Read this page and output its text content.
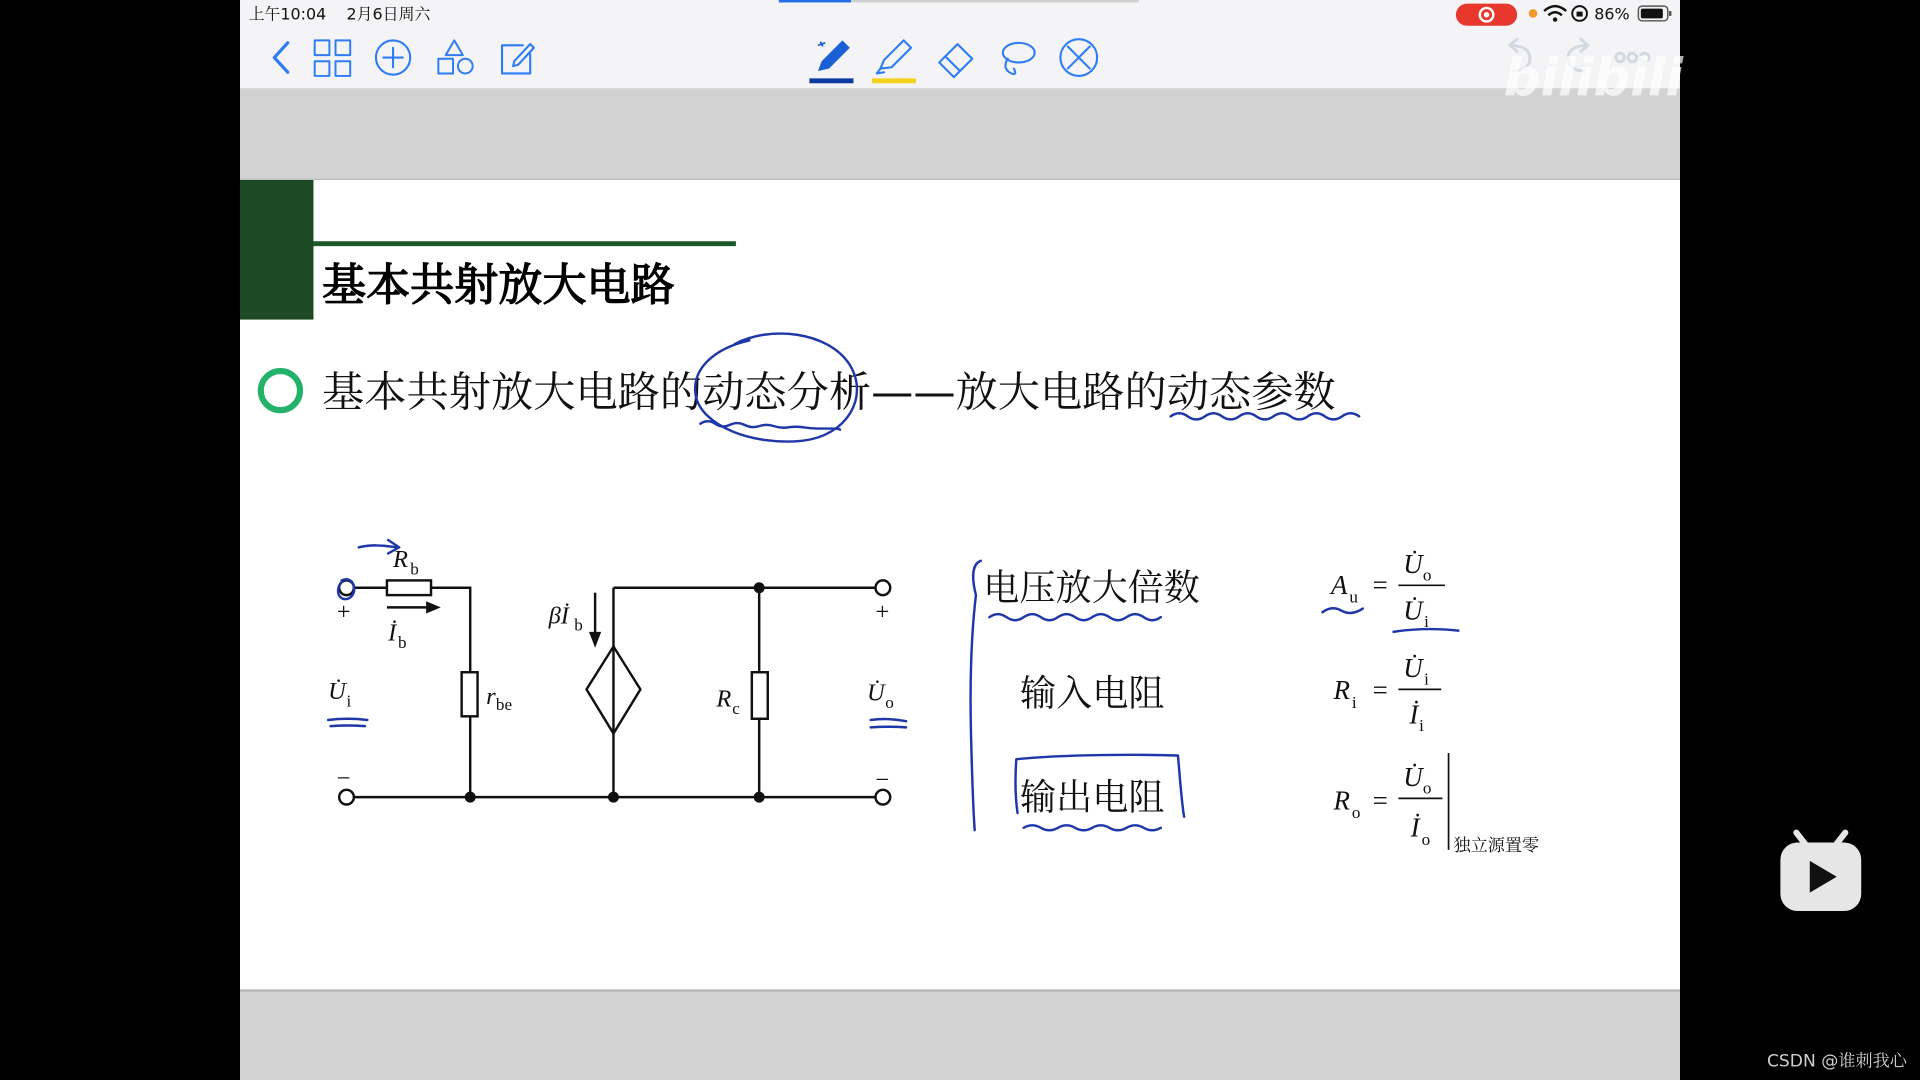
上午10:04 2月6日周六	86%
bilibili
基本共射放大电路
基本共射放大电路的动态分析——放大电路的动态参数
R b
İ b
U̇ i	r be
βİ b
R c
U̇ o
+
−
+
−
电压放大倍数
输入电阻
输出电阻
A u =
U̇ o
U̇ i
R i =
U̇ i
İ i
R o =
U̇ o
İ o 独立源置零
CSDN @谁刺我心
